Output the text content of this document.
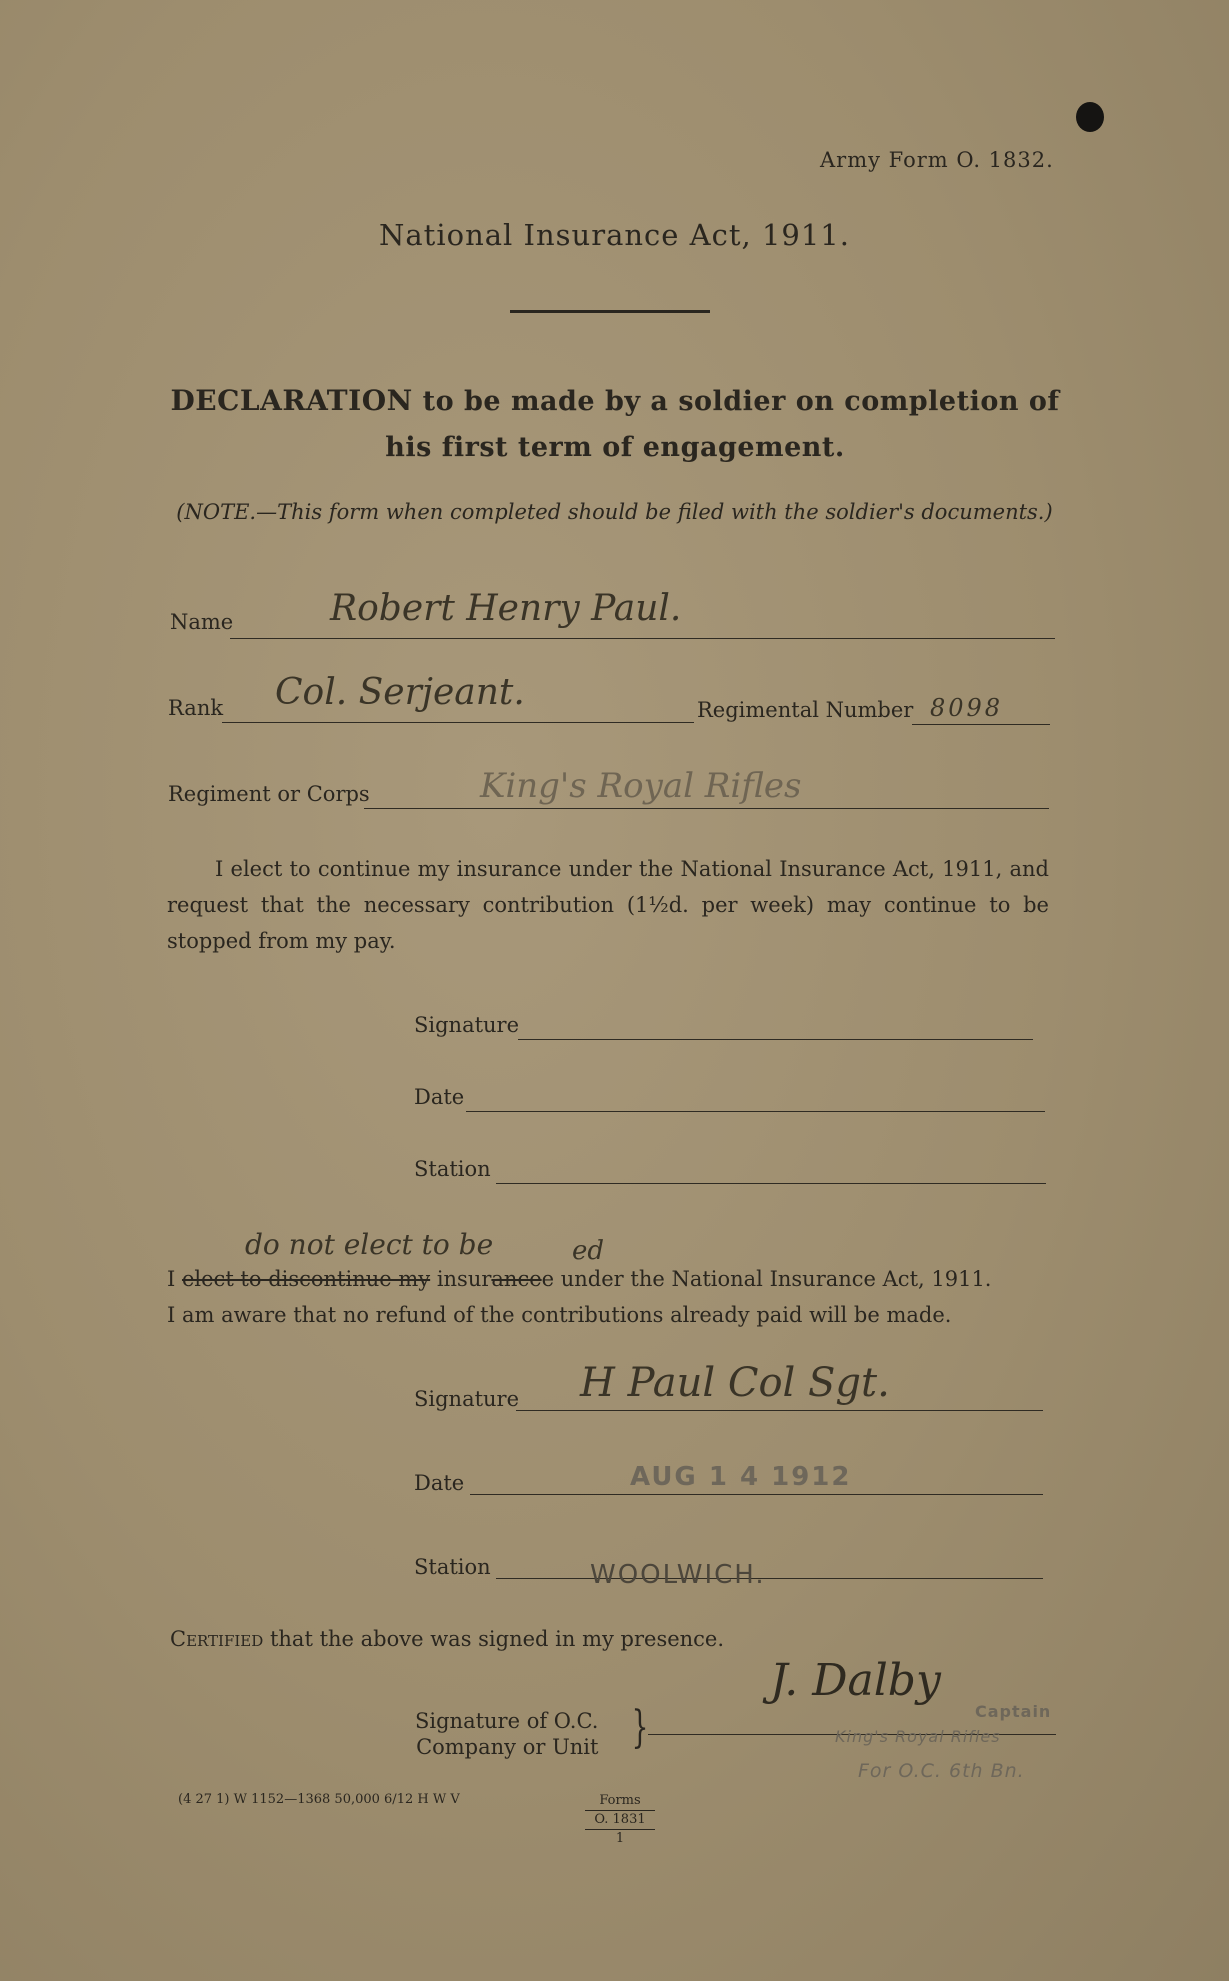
Army Form O. 1832.
National Insurance Act, 1911.
DECLARATION to be made by a soldier on completion of
his first term of engagement.
(NOTE.—This form when completed should be filed with the soldier's documents.)
Name	Robert Henry Paul.
Rank Col. Serjeant.	Regimental Number 8098
Regiment or Corps	King's Royal Rifles
I elect to continue my insurance under the National Insurance Act, 1911, and request that the necessary contribution (1½d. per week) may continue to be stopped from my pay.
Signature
Date
Station
do not elect to be	ed
I elect to discontinue my insurancee under the National Insurance Act, 1911.
I am aware that no refund of the contributions already paid will be made.
Signature H Paul Col Sgt.
Date	AUG 1 4 1912
Station	WOOLWICH.
Certified that the above was signed in my presence.
Signature of O.C.
Company or Unit }
J. Dalby
Captain
King's Royal Rifles
For O.C. 6th Bn.
(4 27 1) W 1152—1368 50,000 6/12 H W V	Forms
O. 1831
1
